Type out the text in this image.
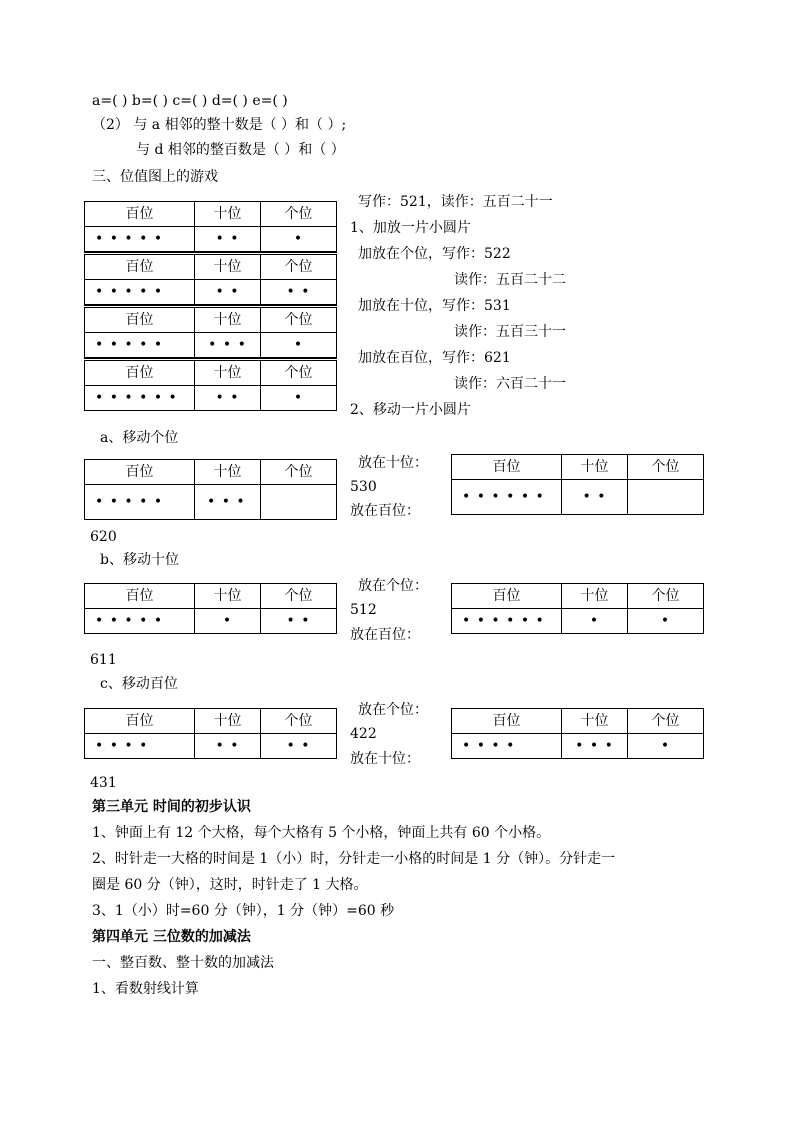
a=( ) b=( ) c=( ) d=( ) e=( )
（2） 与 a 相邻的整十数是（ ）和（ ）;
与 d 相邻的整百数是（ ）和（ ）
三、位值图上的游戏
百位	十位	个位
• • • • •	• •	•
百位	十位	个位
• • • • •	• •	• •
百位	十位	个位
• • • • •	• • •	•
百位	十位	个位
• • • • • •	• •	•
写作：521，读作：五百二十一
1、加放一片小圆片
加放在个位，写作：522
读作：五百二十二
加放在十位，写作：531
读作：五百三十一
加放在百位，写作：621
读作：六百二十一
2、移动一片小圆片
a、移动个位
百位	十位	个位
• • • • •	• • •	
放在十位：
530
放在百位：
百位	十位	个位
• • • • • •	• •	
620
b、移动十位
百位	十位	个位
• • • • •	•	• •
放在个位：
512
放在百位：
百位	十位	个位
• • • • • •	•	•
611
c、移动百位
百位	十位	个位
• • • •	• •	• •
放在个位：
422
放在十位：
百位	十位	个位
• • • •	• • •	•
431
第三单元 时间的初步认识
1、钟面上有 12 个大格，每个大格有 5 个小格，钟面上共有 60 个小格。
2、时针走一大格的时间是 1（小）时，分针走一小格的时间是 1 分（钟）。分针走一
圈是 60 分（钟），这时，时针走了 1 大格。
3、1（小）时=60 分（钟），1 分（钟）=60 秒
第四单元 三位数的加减法
一、整百数、整十数的加减法
1、看数射线计算
